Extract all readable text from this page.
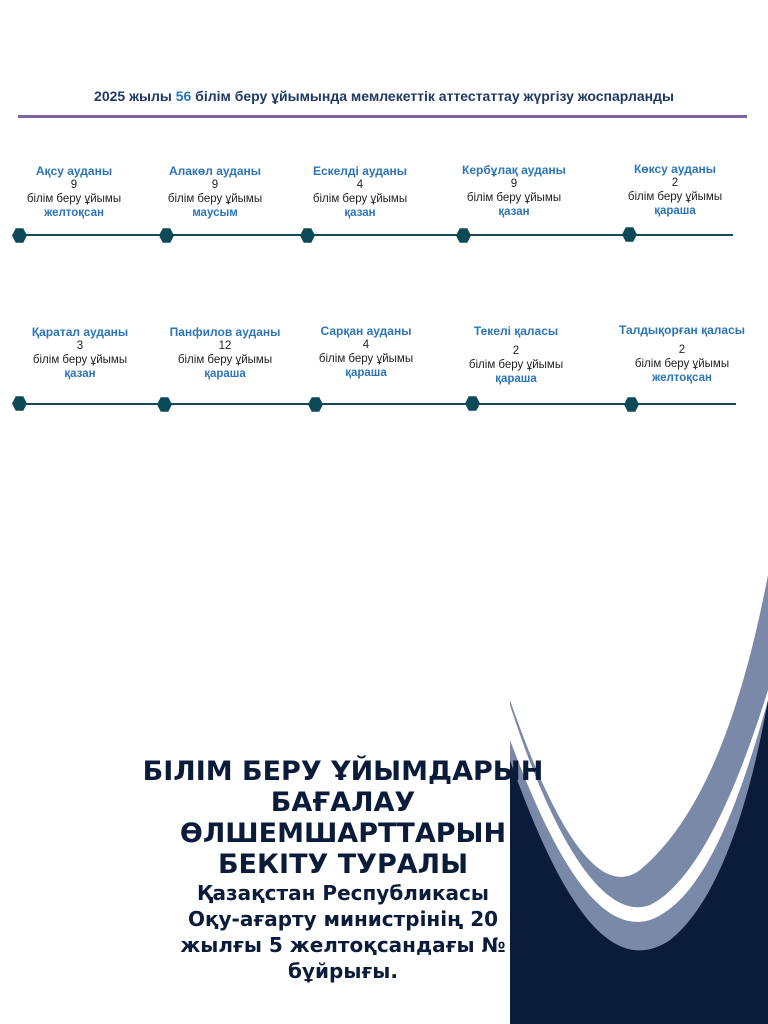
2025 жылы 56 білім беру ұйымында мемлекеттік аттестаттау жүргізу жоспарланды
Ақсу ауданы
9
білім беру ұйымы
желтоқсан
Алакөл ауданы
9
білім беру ұйымы
маусым
Ескелді ауданы
4
білім беру ұйымы
қазан
Кербұлақ ауданы
9
білім беру ұйымы
қазан
Көксу ауданы
2
білім беру ұйымы
қараша
Қаратал ауданы
3
білім беру ұйымы
қазан
Панфилов ауданы
12
білім беру ұйымы
қараша
Сарқан ауданы
4
білім беру ұйымы
қараша
Текелі қаласы
2
білім беру ұйымы
қараша
Талдықорған қаласы
2
білім беру ұйымы
желтоқсан
БІЛІМ БЕРУ ҰЙЫМДАРЫН
БАҒАЛАУ
ӨЛШЕМШАРТТАРЫН
БЕКІТУ ТУРАЛЫ
Қазақстан Республикасы
Оқу-ағарту министрінің 20
жылғы 5 желтоқсандағы №
бұйрығы.
